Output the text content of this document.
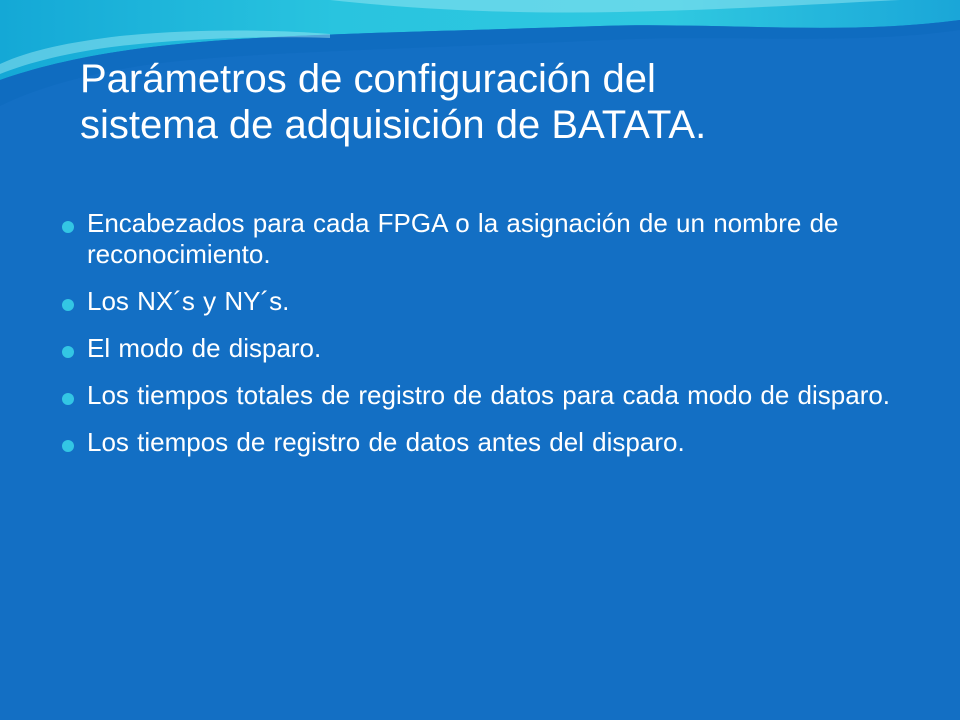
Parámetros de configuración del
sistema de adquisición de BATATA.
Encabezados para cada FPGA o la asignación de un nombre de reconocimiento.
Los NX´s y NY´s.
El modo de disparo.
Los tiempos totales de registro de datos para cada modo de disparo.
Los tiempos de registro de datos antes del disparo.
